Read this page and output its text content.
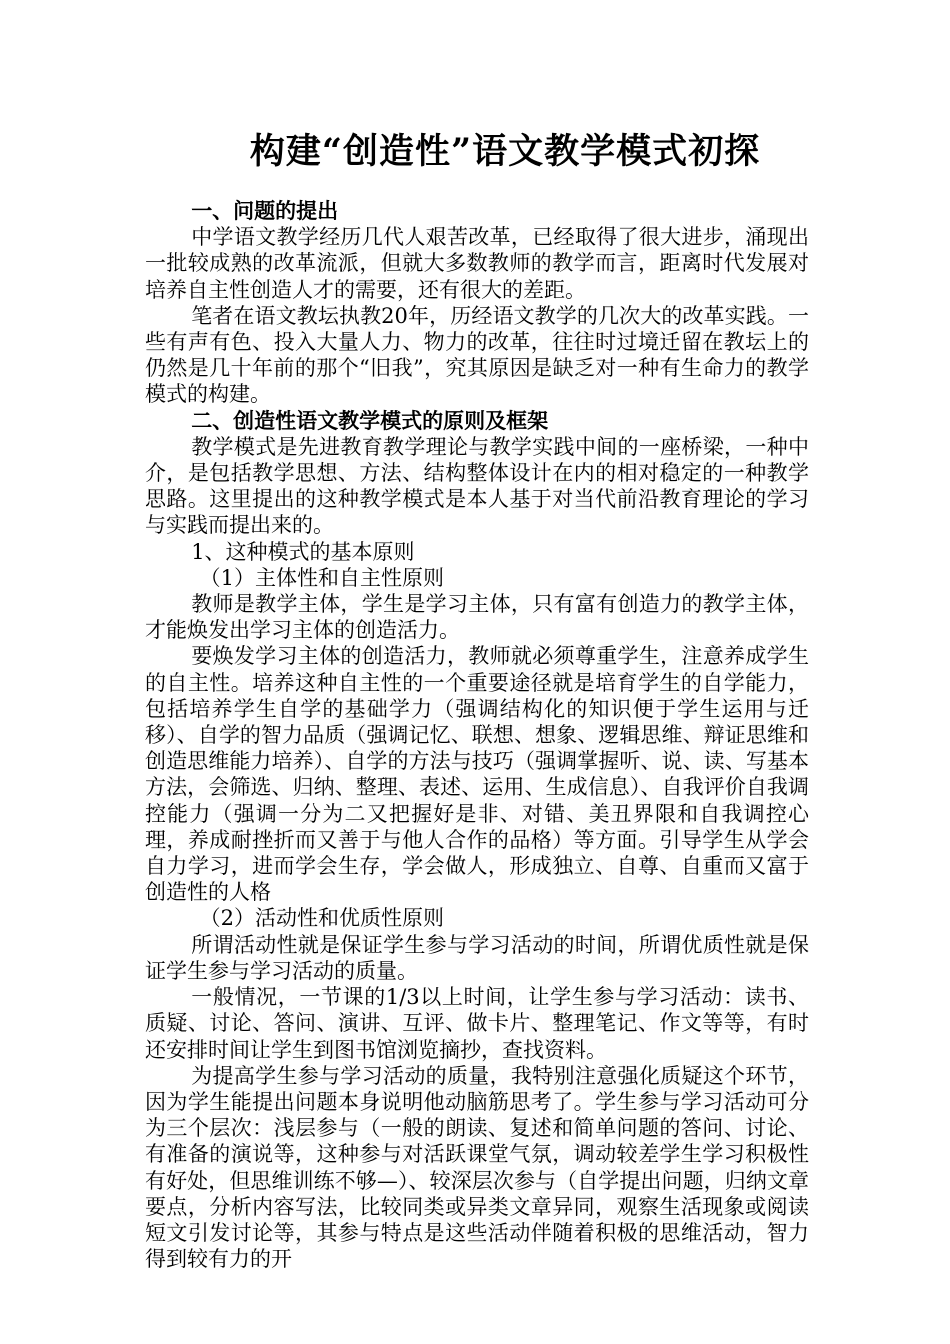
构建“创造性”语文教学模式初探

一、问题的提出

中学语文教学经历几代人艰苦改革，已经取得了很大进步，涌现出一批较成熟的改革流派，但就大多数教师的教学而言，距离时代发展对培养自主性创造人才的需要，还有很大的差距。

笔者在语文教坛执教20年，历经语文教学的几次大的改革实践。一些有声有色、投入大量人力、物力的改革，往往时过境迁留在教坛上的仍然是几十年前的那个“旧我”，究其原因是缺乏对一种有生命力的教学模式的构建。

二、创造性语文教学模式的原则及框架

教学模式是先进教育教学理论与教学实践中间的一座桥梁，一种中介，是包括教学思想、方法、结构整体设计在内的相对稳定的一种教学思路。这里提出的这种教学模式是本人基于对当代前沿教育理论的学习与实践而提出来的。

1、这种模式的基本原则

（1）主体性和自主性原则

教师是教学主体，学生是学习主体，只有富有创造力的教学主体，才能焕发出学习主体的创造活力。

要焕发学习主体的创造活力，教师就必须尊重学生，注意养成学生的自主性。培养这种自主性的一个重要途径就是培育学生的自学能力，包括培养学生自学的基础学力（强调结构化的知识便于学生运用与迁移）、自学的智力品质（强调记忆、联想、想象、逻辑思维、辩证思维和创造思维能力培养）、自学的方法与技巧（强调掌握听、说、读、写基本方法，会筛选、归纳、整理、表述、运用、生成信息）、自我评价自我调控能力（强调一分为二又把握好是非、对错、美丑界限和自我调控心理，养成耐挫折而又善于与他人合作的品格）等方面。引导学生从学会自力学习，进而学会生存，学会做人，形成独立、自尊、自重而又富于创造性的人格

（2）活动性和优质性原则

所谓活动性就是保证学生参与学习活动的时间，所谓优质性就是保证学生参与学习活动的质量。

一般情况，一节课的1/3以上时间，让学生参与学习活动：读书、质疑、讨论、答问、演讲、互评、做卡片、整理笔记、作文等等，有时还安排时间让学生到图书馆浏览摘抄，查找资料。

为提高学生参与学习活动的质量，我特别注意强化质疑这个环节，因为学生能提出问题本身说明他动脑筋思考了。学生参与学习活动可分为三个层次：浅层参与（一般的朗读、复述和简单问题的答问、讨论、有准备的演说等，这种参与对活跃课堂气氛，调动较差学生学习积极性有好处，但思维训练不够—）、较深层次参与（自学提出问题，归纳文章要点，分析内容写法，比较同类或异类文章异同，观察生活现象或阅读短文引发讨论等，其参与特点是这些活动伴随着积极的思维活动，智力得到较有力的开
